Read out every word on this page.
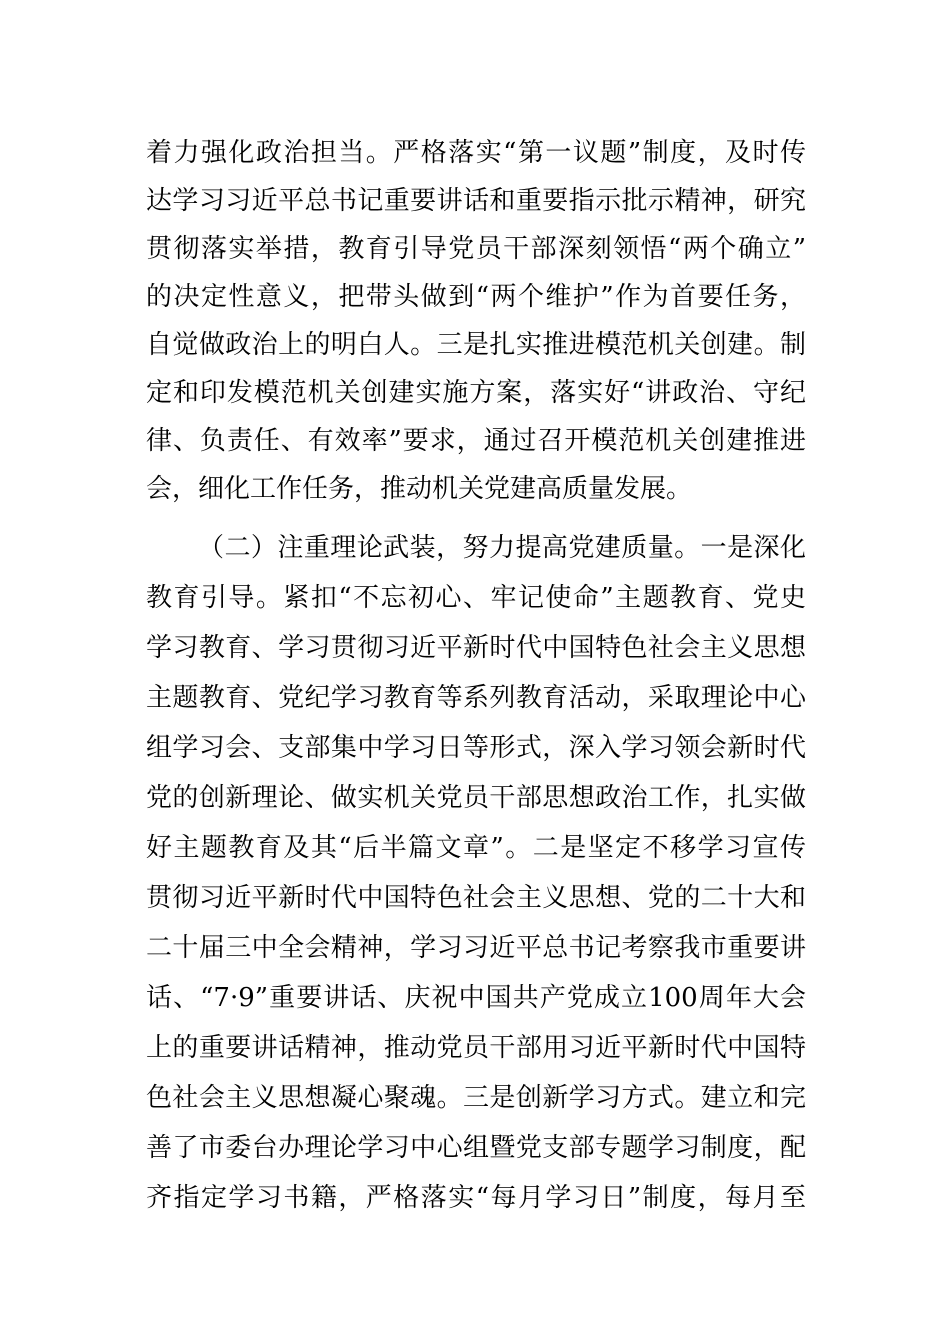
着力强化政治担当。严格落实“第一议题”制度，及时传
达学习习近平总书记重要讲话和重要指示批示精神，研究
贯彻落实举措，教育引导党员干部深刻领悟“两个确立”
的决定性意义，把带头做到“两个维护”作为首要任务，
自觉做政治上的明白人。三是扎实推进模范机关创建。制
定和印发模范机关创建实施方案，落实好“讲政治、守纪
律、负责任、有效率”要求，通过召开模范机关创建推进
会，细化工作任务，推动机关党建高质量发展。
（二）注重理论武装，努力提高党建质量。一是深化
教育引导。紧扣“不忘初心、牢记使命”主题教育、党史
学习教育、学习贯彻习近平新时代中国特色社会主义思想
主题教育、党纪学习教育等系列教育活动，采取理论中心
组学习会、支部集中学习日等形式，深入学习领会新时代
党的创新理论、做实机关党员干部思想政治工作，扎实做
好主题教育及其“后半篇文章”。二是坚定不移学习宣传
贯彻习近平新时代中国特色社会主义思想、党的二十大和
二十届三中全会精神，学习习近平总书记考察我市重要讲
话、“7·9”重要讲话、庆祝中国共产党成立100周年大会
上的重要讲话精神，推动党员干部用习近平新时代中国特
色社会主义思想凝心聚魂。三是创新学习方式。建立和完
善了市委台办理论学习中心组暨党支部专题学习制度，配
齐指定学习书籍，严格落实“每月学习日”制度，每月至
